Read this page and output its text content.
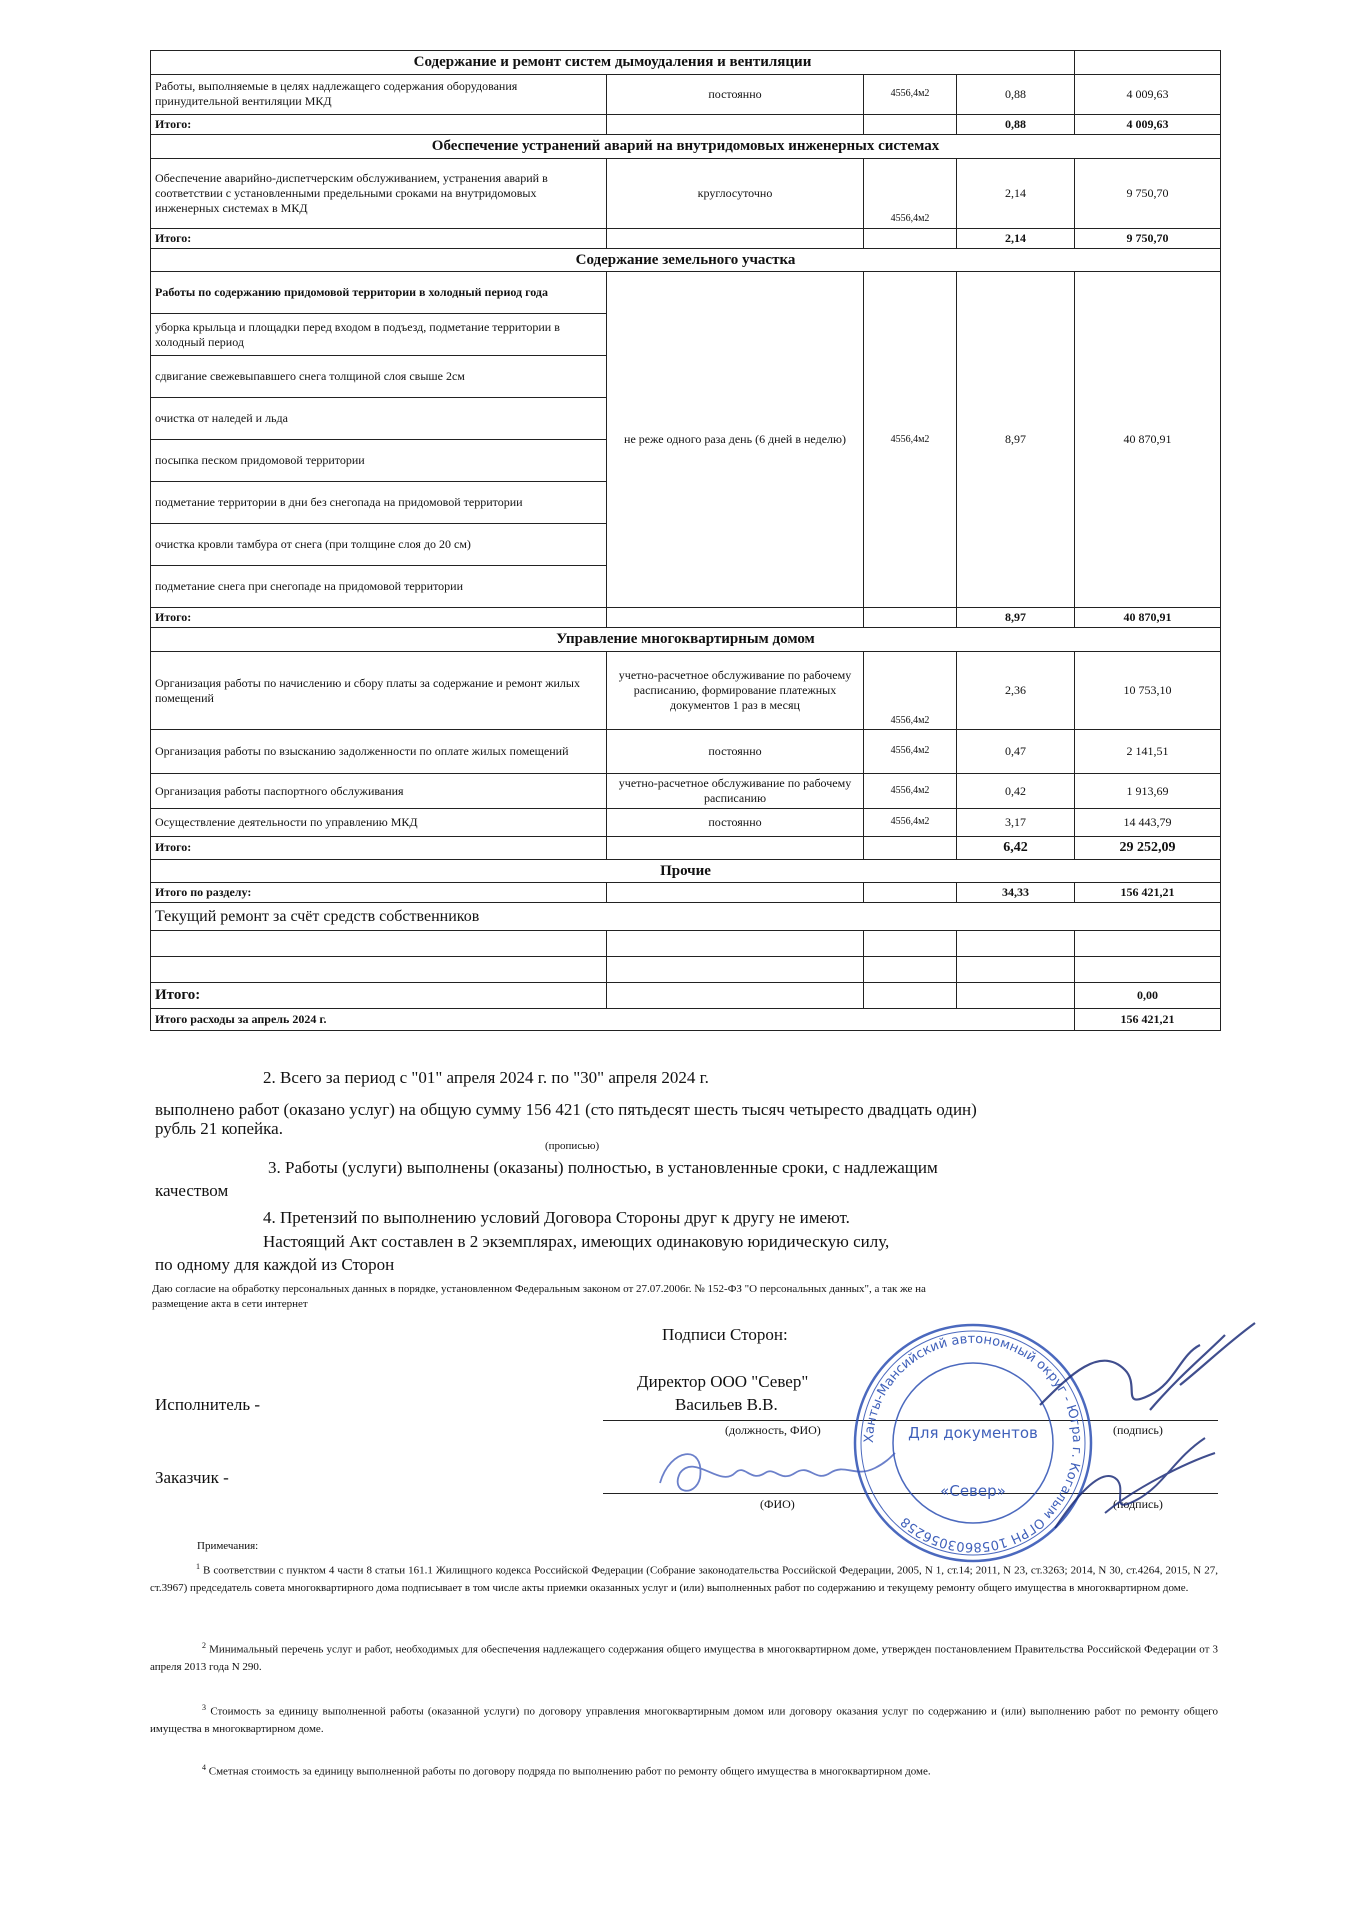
Содержание и ремонт систем дымоудаления и вентиляции				
Работы, выполняемые в целях надлежащего содержания оборудования принудительной вентиляции МКД	постоянно	4556,4м2	0,88	4 009,63
Итого:			0,88	4 009,63
Обеспечение устранений аварий на внутридомовых инженерных системах				
Обеспечение аварийно-диспетчерским обслуживанием, устранения аварий в соответствии с установленными предельными сроками на внутридомовых инженерных системах в МКД	круглосуточно	4556,4м2	2,14	9 750,70
Итого:			2,14	9 750,70
Содержание земельного участка				
Работы по содержанию придомовой территории в холодный период года	не реже одного раза день (6 дней в неделю)	4556,4м2	8,97	40 870,91
уборка крыльца и площадки перед входом в подъезд, подметание территории в холодный период				
сдвигание свежевыпавшего снега толщиной слоя свыше 2см				
очистка от наледей и льда				
посыпка песком придомовой территории				
подметание территории в дни без снегопада на придомовой территории				
очистка кровли тамбура от снега (при толщине слоя до 20 см)				
подметание снега при снегопаде на придомовой территории				
Итого:			8,97	40 870,91
Управление многоквартирным домом				
Организация работы по начислению и сбору платы за содержание и ремонт жилых помещений	учетно-расчетное обслуживание по рабочему расписанию, формирование платежных документов 1 раз в месяц	4556,4м2	2,36	10 753,10
Организация работы по взысканию задолженности по оплате жилых помещений	постоянно	4556,4м2	0,47	2 141,51
Организация работы паспортного обслуживания	учетно-расчетное обслуживание по рабочему расписанию	4556,4м2	0,42	1 913,69
Осуществление деятельности по управлению МКД	постоянно	4556,4м2	3,17	14 443,79
Итого:			6,42	29 252,09
Прочие				
Итого по разделу:			34,33	156 421,21
Текущий ремонт за счёт средств собственников				

Итого:				0,00
Итого расходы за апрель 2024 г.				156 421,21
2. Всего за период с "01" апреля 2024 г. по "30" апреля 2024 г.
выполнено работ (оказано услуг) на общую сумму 156 421 (сто пятьдесят шесть тысяч четыресто двадцать один)
рубль 21 копейка.
(прописью)
3. Работы (услуги) выполнены (оказаны) полностью, в установленные сроки, с надлежащим
качеством
4. Претензий по выполнению условий Договора Стороны друг к другу не имеют.
Настоящий Акт составлен в 2 экземплярах, имеющих одинаковую юридическую силу,
по одному для каждой из Сторон
Даю согласие на обработку персональных данных в порядке, установленном Федеральным законом от 27.07.2006г. № 152-ФЗ "О персональных данных", а так же на
размещение акта в сети интернет
Подписи Сторон:
Директор ООО "Север"
Васильев В.В.
Исполнитель -
(должность, ФИО)	(подпись)
Заказчик -
(ФИО)	(подпись)
Ханты-Мансийский автономный округ - Югра г. Когалым ОГРН 1058603056258
Для документов
«Север»
Примечания:
$^1$ В соответствии с пунктом 4 части 8 статьи 161.1 Жилищного кодекса Российской Федерации (Собрание законодательства Российской Федерации, 2005, N 1, ст.14; 2011, N 23, ст.3263; 2014, N 30, ст.4264, 2015, N 27, ст.3967) председатель совета многоквартирного дома подписывает в том числе акты приемки оказанных услуг и (или) выполненных работ по содержанию и текущему ремонту общего имущества в многоквартирном доме.
$^2$ Минимальный перечень услуг и работ, необходимых для обеспечения надлежащего содержания общего имущества в многоквартирном доме, утвержден постановлением Правительства Российской Федерации от 3 апреля 2013 года N 290.
$^3$ Стоимость за единицу выполненной работы (оказанной услуги) по договору управления многоквартирным домом или договору оказания услуг по содержанию и (или) выполнению работ по ремонту общего имущества в многоквартирном доме.
$^4$ Сметная стоимость за единицу выполненной работы по договору подряда по выполнению работ по ремонту общего имущества в многоквартирном доме.
